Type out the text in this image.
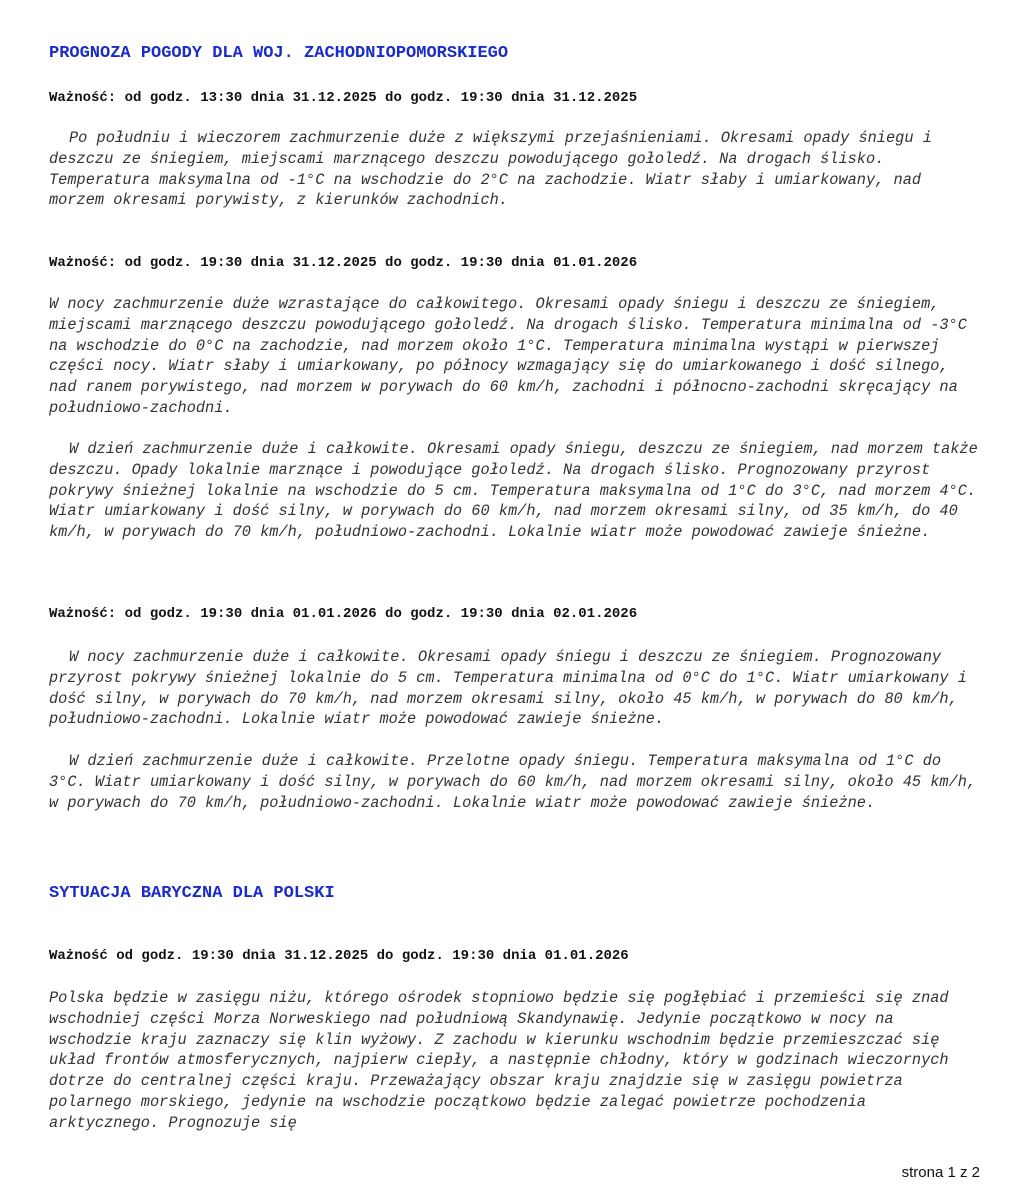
PROGNOZA POGODY DLA WOJ. ZACHODNIOPOMORSKIEGO
Ważność: od godz. 13:30 dnia 31.12.2025 do godz. 19:30 dnia 31.12.2025

Po południu i wieczorem zachmurzenie duże z większymi przejaśnieniami. Okresami opady śniegu i deszczu ze śniegiem, miejscami marznącego deszczu powodującego gołoledź. Na drogach ślisko. Temperatura maksymalna od -1°C na wschodzie do 2°C na zachodzie. Wiatr słaby i umiarkowany, nad morzem okresami porywisty, z kierunków zachodnich.

Ważność: od godz. 19:30 dnia 31.12.2025 do godz. 19:30 dnia 01.01.2026

W nocy zachmurzenie duże wzrastające do całkowitego. Okresami opady śniegu i deszczu ze śniegiem, miejscami marznącego deszczu powodującego gołoledź. Na drogach ślisko. Temperatura minimalna od -3°C na wschodzie do 0°C na zachodzie, nad morzem około 1°C. Temperatura minimalna wystąpi w pierwszej części nocy. Wiatr słaby i umiarkowany, po północy wzmagający się do umiarkowanego i dość silnego, nad ranem porywistego, nad morzem w porywach do 60 km/h, zachodni i północno-zachodni skręcający na południowo-zachodni.

W dzień zachmurzenie duże i całkowite. Okresami opady śniegu, deszczu ze śniegiem, nad morzem także deszczu. Opady lokalnie marznące i powodujące gołoledź. Na drogach ślisko. Prognozowany przyrost pokrywy śnieżnej lokalnie na wschodzie do 5 cm. Temperatura maksymalna od 1°C do 3°C, nad morzem 4°C. Wiatr umiarkowany i dość silny, w porywach do 60 km/h, nad morzem okresami silny, od 35 km/h, do 40 km/h, w porywach do 70 km/h, południowo-zachodni. Lokalnie wiatr może powodować zawieje śnieżne.

Ważność: od godz. 19:30 dnia 01.01.2026 do godz. 19:30 dnia 02.01.2026

W nocy zachmurzenie duże i całkowite. Okresami opady śniegu i deszczu ze śniegiem. Prognozowany przyrost pokrywy śnieżnej lokalnie do 5 cm. Temperatura minimalna od 0°C do 1°C. Wiatr umiarkowany i dość silny, w porywach do 70 km/h, nad morzem okresami silny, około 45 km/h, w porywach do 80 km/h, południowo-zachodni. Lokalnie wiatr może powodować zawieje śnieżne.

W dzień zachmurzenie duże i całkowite. Przelotne opady śniegu. Temperatura maksymalna od 1°C do 3°C. Wiatr umiarkowany i dość silny, w porywach do 60 km/h, nad morzem okresami silny, około 45 km/h, w porywach do 70 km/h, południowo-zachodni. Lokalnie wiatr może powodować zawieje śnieżne.

SYTUACJA BARYCZNA DLA POLSKI
Ważność od godz. 19:30 dnia 31.12.2025 do godz. 19:30 dnia 01.01.2026

Polska będzie w zasięgu niżu, którego ośrodek stopniowo będzie się pogłębiać i przemieści się znad wschodniej części Morza Norweskiego nad południową Skandynawię. Jedynie początkowo w nocy na wschodzie kraju zaznaczy się klin wyżowy. Z zachodu w kierunku wschodnim będzie przemieszczać się układ frontów atmosferycznych, najpierw ciepły, a następnie chłodny, który w godzinach wieczornych dotrze do centralnej części kraju. Przeważający obszar kraju znajdzie się w zasięgu powietrza polarnego morskiego, jedynie na wschodzie początkowo będzie zalegać powietrze pochodzenia arktycznego. Prognozuje się

strona 1 z 2
